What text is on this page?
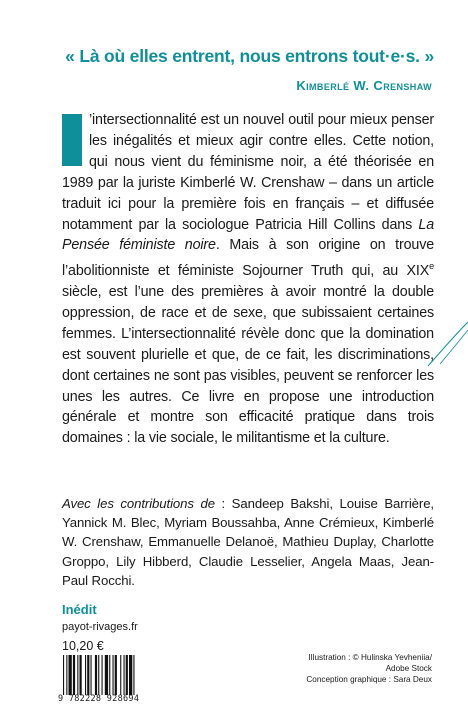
« Là où elles entrent, nous entrons tout·e·s. »
Kimberlé W. Crenshaw

’intersectionnalité est un nouvel outil pour mieux penser les inégalités et mieux agir contre elles. Cette notion, qui nous vient du féminisme noir, a été théorisée en 1989 par la juriste Kimberlé W. Crenshaw – dans un article traduit ici pour la première fois en français – et diffusée notamment par la sociologue Patricia Hill Collins dans La Pensée féministe noire. Mais à son origine on trouve l’abolitionniste et féministe Sojourner Truth qui, au XIXe siècle, est l’une des premières à avoir montré la double oppression, de race et de sexe, que subissaient certaines femmes. L’intersectionnalité révèle donc que la domination est souvent plurielle et que, de ce fait, les discriminations, dont certaines ne sont pas visibles, peuvent se renforcer les unes les autres. Ce livre en propose une introduction générale et montre son efficacité pratique dans trois domaines : la vie sociale, le militantisme et la culture.

Avec les contributions de : Sandeep Bakshi, Louise Barrière, Yannick M. Blec, Myriam Boussahba, Anne Crémieux, Kimberlé W. Crenshaw, Emmanuelle Delanoë, Mathieu Duplay, Charlotte Groppo, Lily Hibberd, Claudie Lesselier, Angela Maas, Jean-Paul Rocchi.

Inédit
payot-rivages.fr
10,20 €
Illustration : © Hulinska Yevheniia/
Adobe Stock
Conception graphique : Sara Deux
9 782228 928694
